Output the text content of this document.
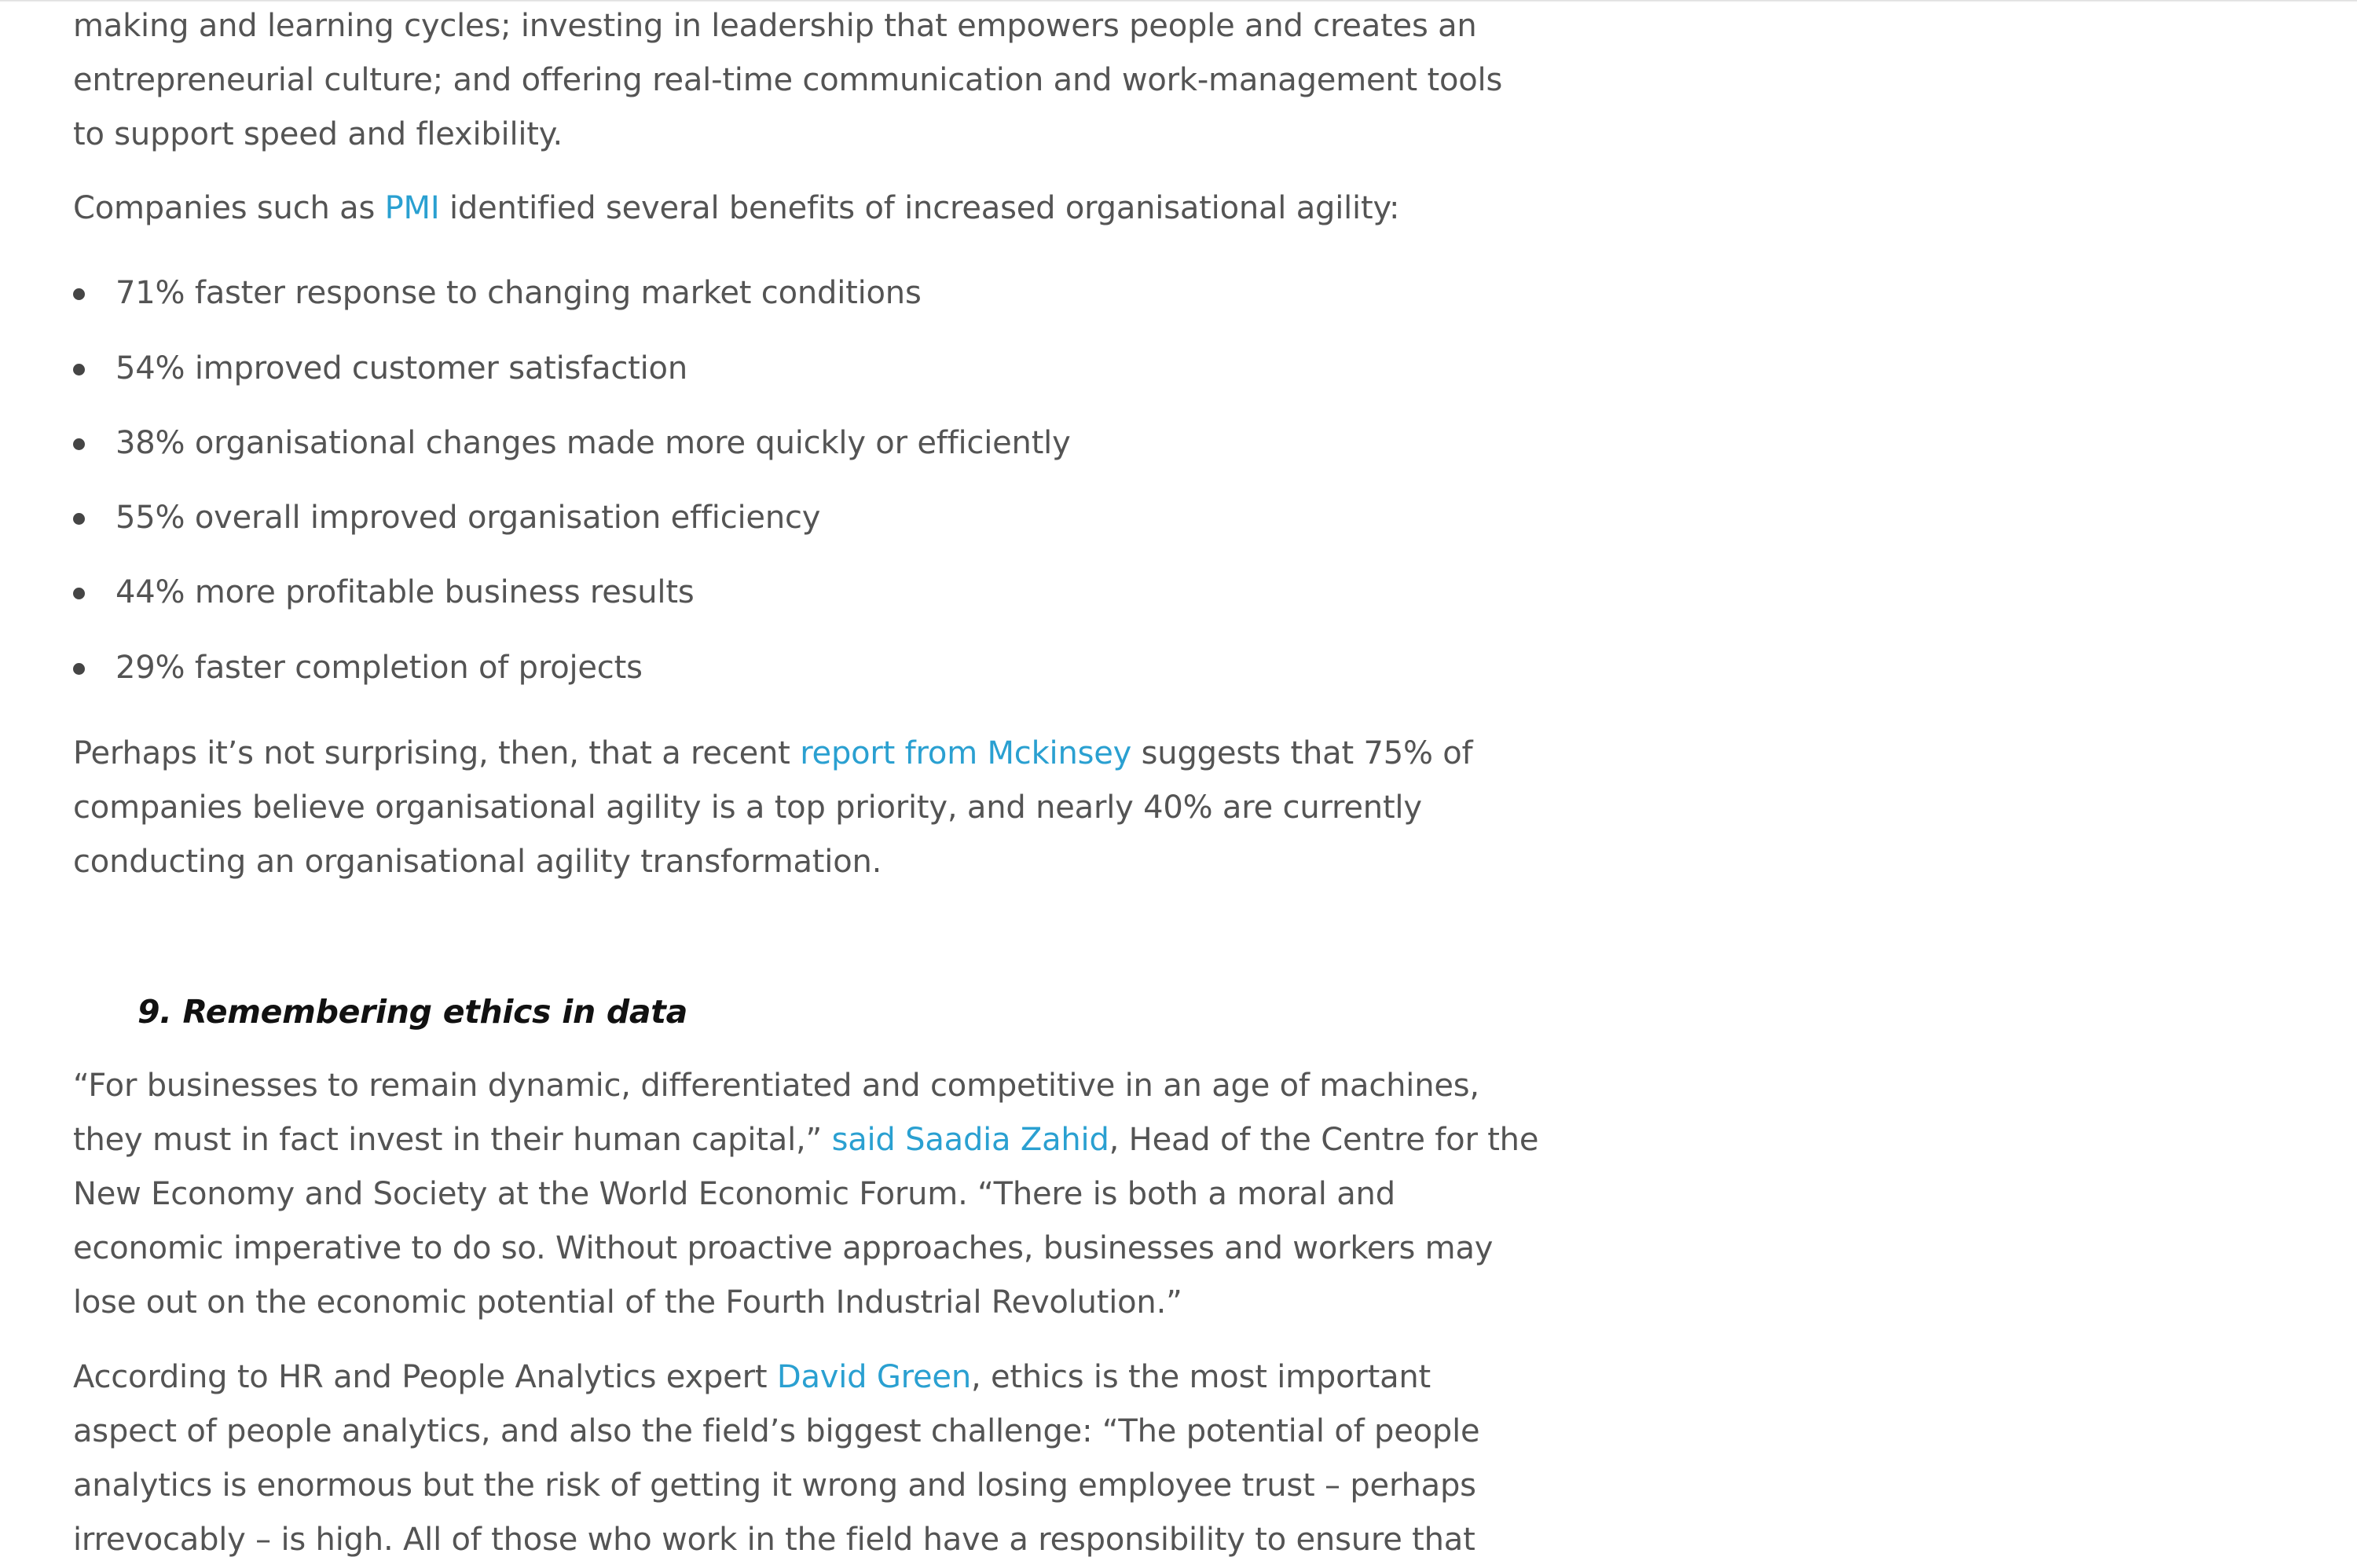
making and learning cycles; investing in leadership that empowers people and creates an
entrepreneurial culture; and offering real-time communication and work-management tools
to support speed and flexibility.
Companies such as PMI identified several benefits of increased organisational agility:
71% faster response to changing market conditions
54% improved customer satisfaction
38% organisational changes made more quickly or efficiently
55% overall improved organisation efficiency
44% more profitable business results
29% faster completion of projects
Perhaps it’s not surprising, then, that a recent report from Mckinsey suggests that 75% of
companies believe organisational agility is a top priority, and nearly 40% are currently
conducting an organisational agility transformation.
9. Remembering ethics in data
“For businesses to remain dynamic, differentiated and competitive in an age of machines,
they must in fact invest in their human capital,” said Saadia Zahid, Head of the Centre for the
New Economy and Society at the World Economic Forum. “There is both a moral and
economic imperative to do so. Without proactive approaches, businesses and workers may
lose out on the economic potential of the Fourth Industrial Revolution.”
According to HR and People Analytics expert David Green, ethics is the most important
aspect of people analytics, and also the field’s biggest challenge: “The potential of people
analytics is enormous but the risk of getting it wrong and losing employee trust – perhaps
irrevocably – is high. All of those who work in the field have a responsibility to ensure that
